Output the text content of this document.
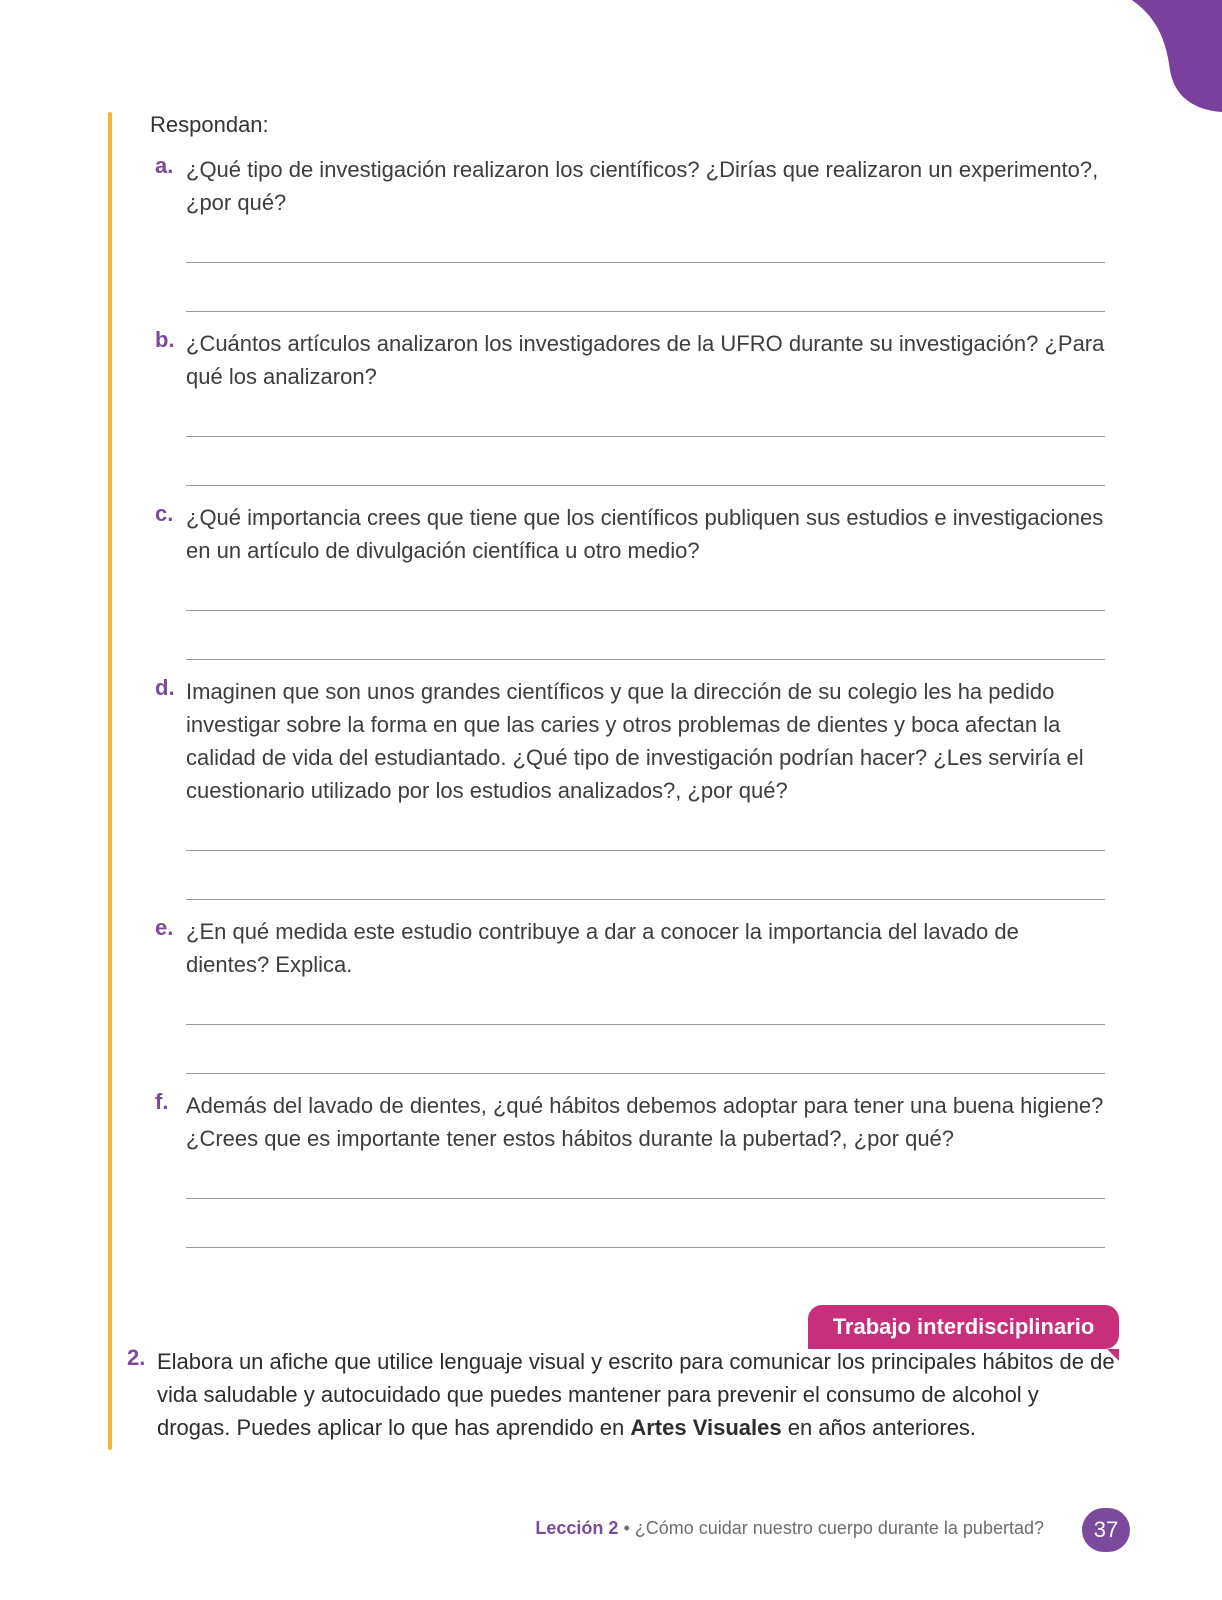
Respondan:
a. ¿Qué tipo de investigación realizaron los científicos? ¿Dirías que realizaron un experimento?, ¿por qué?
b. ¿Cuántos artículos analizaron los investigadores de la UFRO durante su investigación? ¿Para qué los analizaron?
c. ¿Qué importancia crees que tiene que los científicos publiquen sus estudios e investigaciones en un artículo de divulgación científica u otro medio?
d. Imaginen que son unos grandes científicos y que la dirección de su colegio les ha pedido investigar sobre la forma en que las caries y otros problemas de dientes y boca afectan la calidad de vida del estudiantado. ¿Qué tipo de investigación podrían hacer? ¿Les serviría el cuestionario utilizado por los estudios analizados?, ¿por qué?
e. ¿En qué medida este estudio contribuye a dar a conocer la importancia del lavado de dientes? Explica.
f. Además del lavado de dientes, ¿qué hábitos debemos adoptar para tener una buena higiene? ¿Crees que es importante tener estos hábitos durante la pubertad?, ¿por qué?
Trabajo interdisciplinario
2. Elabora un afiche que utilice lenguaje visual y escrito para comunicar los principales hábitos de de vida saludable y autocuidado que puedes mantener para prevenir el consumo de alcohol y drogas. Puedes aplicar lo que has aprendido en Artes Visuales en años anteriores.
Lección 2 • ¿Cómo cuidar nuestro cuerpo durante la pubertad?	37
